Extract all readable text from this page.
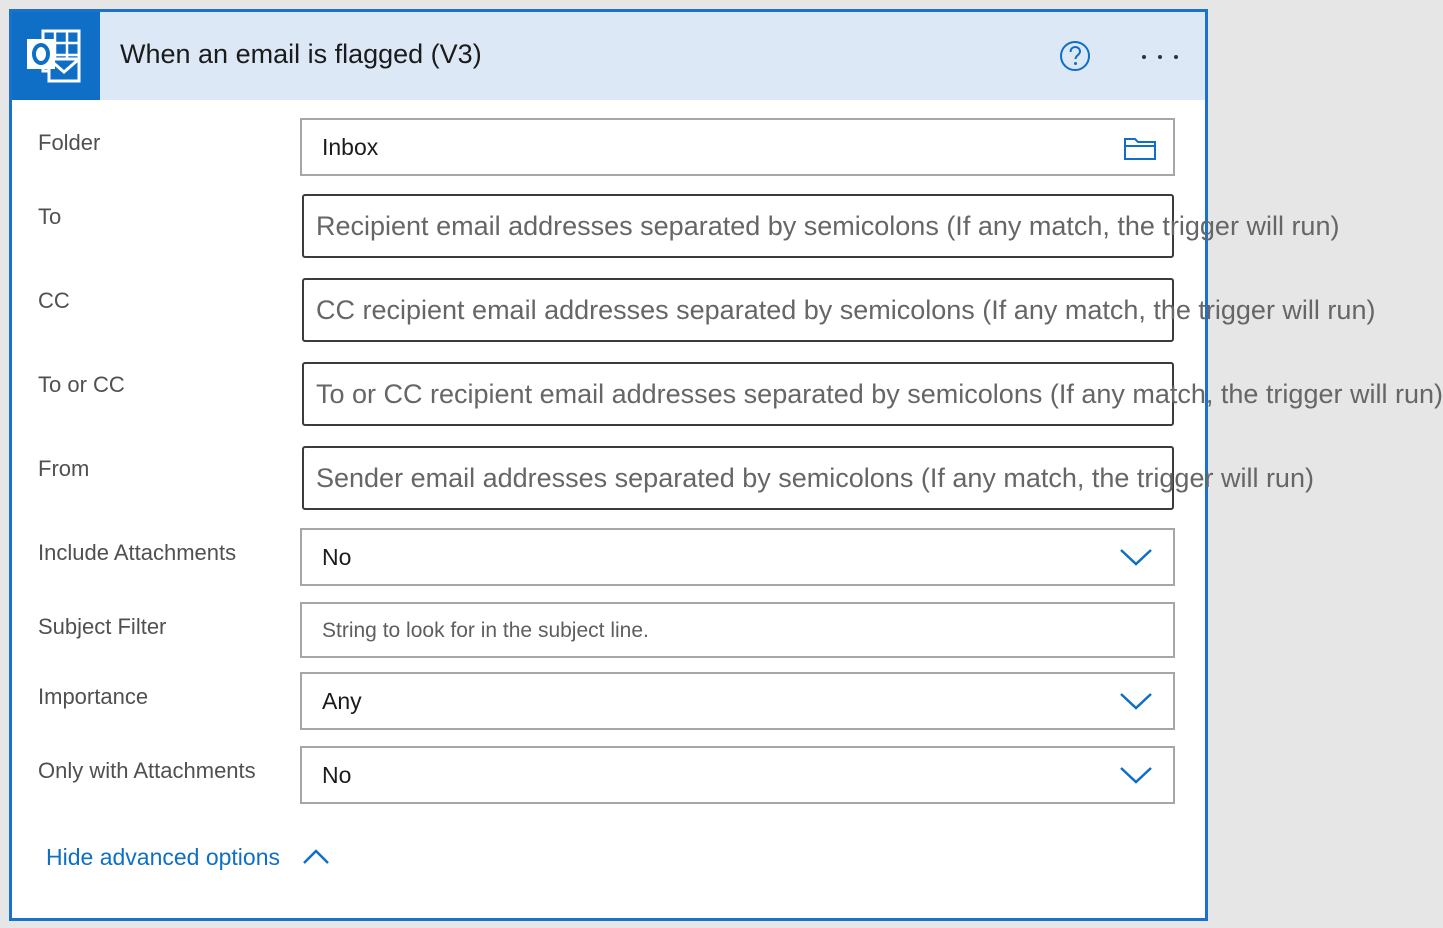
When an email is flagged (V3)
Folder	Inbox
To	Recipient email addresses separated by semicolons (If any match, the trigger will run)
CC	CC recipient email addresses separated by semicolons (If any match, the trigger will run)
To or CC	To or CC recipient email addresses separated by semicolons (If any match, the trigger will run)
From	Sender email addresses separated by semicolons (If any match, the trigger will run)
Include Attachments	No
Subject Filter	String to look for in the subject line.
Importance	Any
Only with Attachments	No
Hide advanced options
